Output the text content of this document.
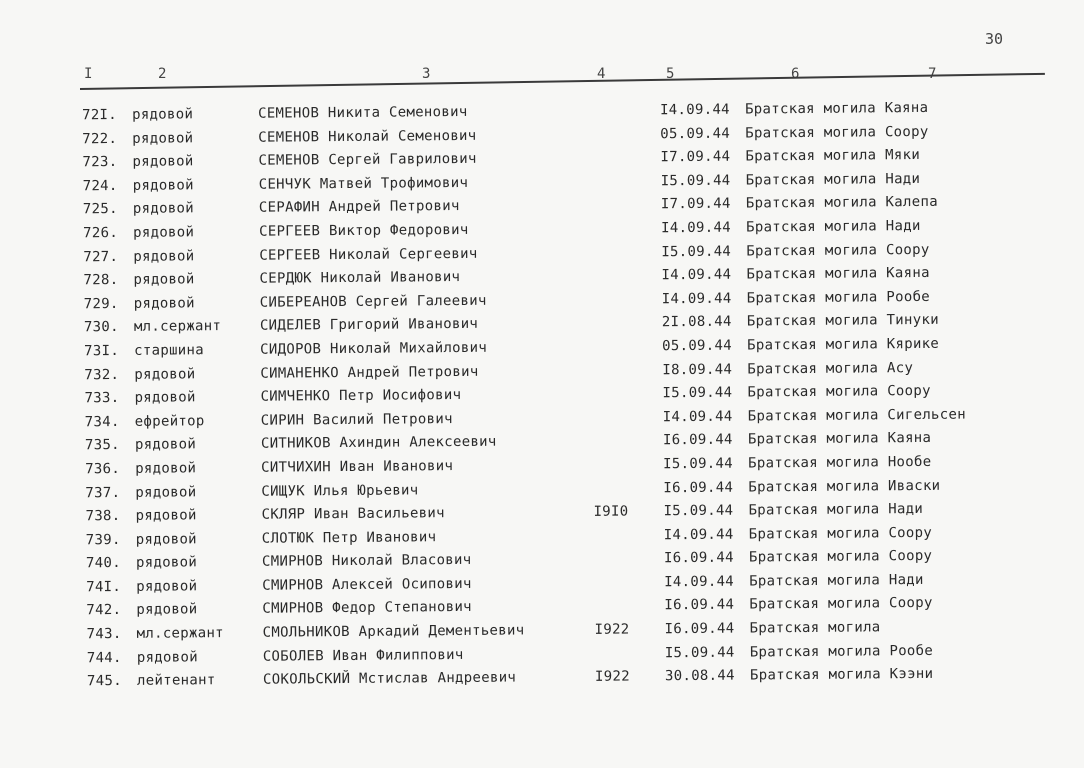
30
I	2	3	4	5	6	7
72I. рядовой	СЕМЕНОВ Никита Семенович	I4.09.44 Братская могила Каяна
722. рядовой	СЕМЕНОВ Николай Семенович	05.09.44 Братская могила Соору
723. рядовой	СЕМЕНОВ Сергей Гаврилович	I7.09.44 Братская могила Мяки
724. рядовой	СЕНЧУК Матвей Трофимович	I5.09.44 Братская могила Нади
725. рядовой	СЕРАФИН Андрей Петрович	I7.09.44 Братская могила Калепа
726. рядовой	СЕРГЕЕВ Виктор Федорович	I4.09.44 Братская могила Нади
727. рядовой	СЕРГЕЕВ Николай Сергеевич	I5.09.44 Братская могила Соору
728. рядовой	СЕРДЮК Николай Иванович	I4.09.44 Братская могила Каяна
729. рядовой	СИБЕРЕАНОВ Сергей Галеевич	I4.09.44 Братская могила Рообе
730. мл.сержант	СИДЕЛЕВ Григорий Иванович	2I.08.44 Братская могила Тинуки
73I. старшина	СИДОРОВ Николай Михайлович	05.09.44 Братская могила Кярике
732. рядовой	СИМАНЕНКО Андрей Петрович	I8.09.44 Братская могила Асу
733. рядовой	СИМЧЕНКО Петр Иосифович	I5.09.44 Братская могила Соору
734. ефрейтор	СИРИН Василий Петрович	I4.09.44 Братская могила Сигельсен
735. рядовой	СИТНИКОВ Ахиндин Алексеевич	I6.09.44 Братская могила Каяна
736. рядовой	СИТЧИХИН Иван Иванович	I5.09.44 Братская могила Нообе
737. рядовой	СИЩУК Илья Юрьевич	I6.09.44 Братская могила Иваски
738. рядовой	СКЛЯР Иван Васильевич	I9I0 I5.09.44 Братская могила Нади
739. рядовой	СЛОТЮК Петр Иванович	I4.09.44 Братская могила Соору
740. рядовой	СМИРНОВ Николай Власович	I6.09.44 Братская могила Соору
74I. рядовой	СМИРНОВ Алексей Осипович	I4.09.44 Братская могила Нади
742. рядовой	СМИРНОВ Федор Степанович	I6.09.44 Братская могила Соору
743. мл.сержант	СМОЛЬНИКОВ Аркадий Дементьевич	I922 I6.09.44 Братская могила
744. рядовой	СОБОЛЕВ Иван Филиппович	I5.09.44 Братская могила Рообе
745. лейтенант	СОКОЛЬСКИЙ Мстислав Андреевич	I922 30.08.44 Братская могила Кээни
